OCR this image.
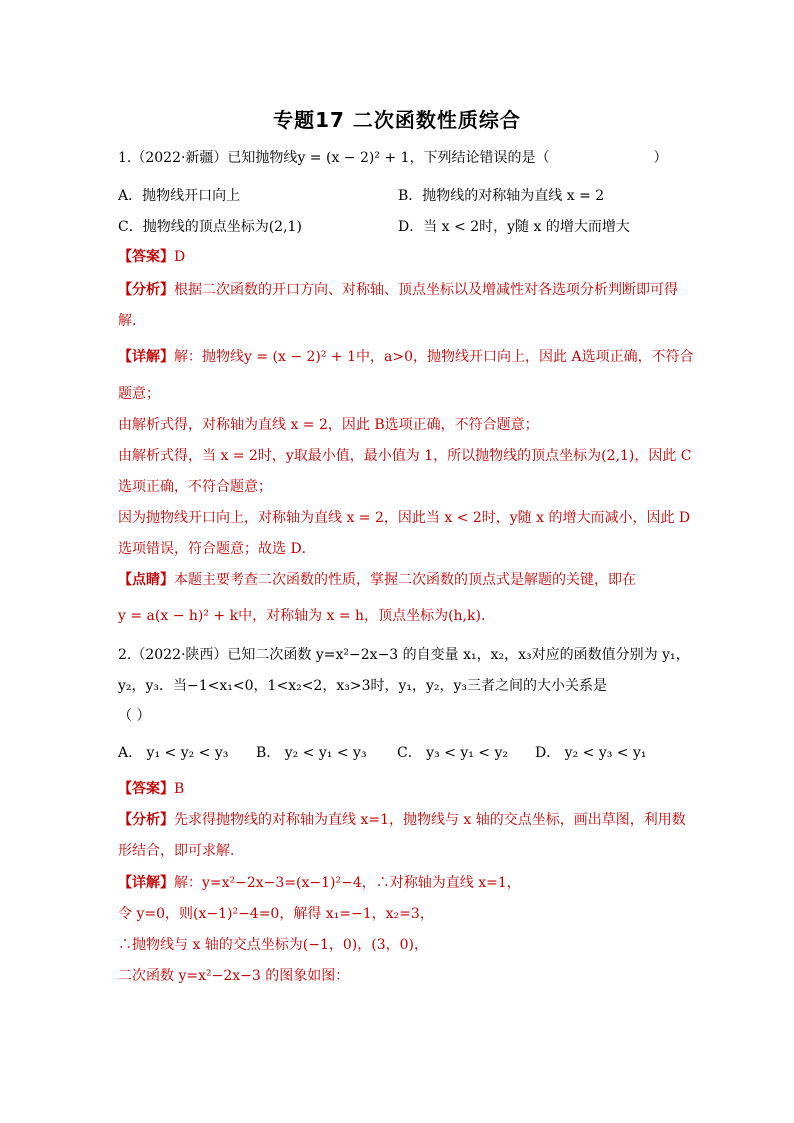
专题17 二次函数性质综合
1.（2022·新疆）已知抛物线y = (x − 2)² + 1，下列结论错误的是（	）
A．抛物线开口向上	B．抛物线的对称轴为直线 x = 2
C．抛物线的顶点坐标为(2,1)	D．当 x < 2时，y随 x 的增大而增大
【答案】D
【分析】根据二次函数的开口方向、对称轴、顶点坐标以及增减性对各选项分析判断即可得
解．
【详解】解：抛物线y = (x − 2)² + 1中，a>0，抛物线开口向上，因此 A选项正确，不符合
题意；
由解析式得，对称轴为直线 x = 2，因此 B选项正确，不符合题意；
由解析式得，当 x = 2时，y取最小值，最小值为 1，所以抛物线的顶点坐标为(2,1)，因此 C
选项正确，不符合题意；
因为抛物线开口向上，对称轴为直线 x = 2，因此当 x < 2时，y随 x 的增大而减小，因此 D
选项错误，符合题意；故选 D．
【点睛】本题主要考查二次函数的性质，掌握二次函数的顶点式是解题的关键，即在
y = a(x − h)² + k中，对称轴为 x = h，顶点坐标为(h,k)．
2.（2022·陕西）已知二次函数 y=x²−2x−3 的自变量 x₁，x₂，x₃对应的函数值分别为 y₁，
y₂，y₃．当−1<x₁<0，1<x₂<2，x₃>3时，y₁，y₂，y₃三者之间的大小关系是
（ ）
A． y₁ < y₂ < y₃ B． y₂ < y₁ < y₃ C． y₃ < y₁ < y₂ D． y₂ < y₃ < y₁
【答案】B
【分析】先求得抛物线的对称轴为直线 x=1，抛物线与 x 轴的交点坐标，画出草图，利用数
形结合，即可求解．
【详解】解：y=x²−2x−3=(x−1)²−4，∴对称轴为直线 x=1，
令 y=0，则(x−1)²−4=0，解得 x₁=−1，x₂=3，
∴抛物线与 x 轴的交点坐标为(−1，0)，(3，0)，
二次函数 y=x²−2x−3 的图象如图：
